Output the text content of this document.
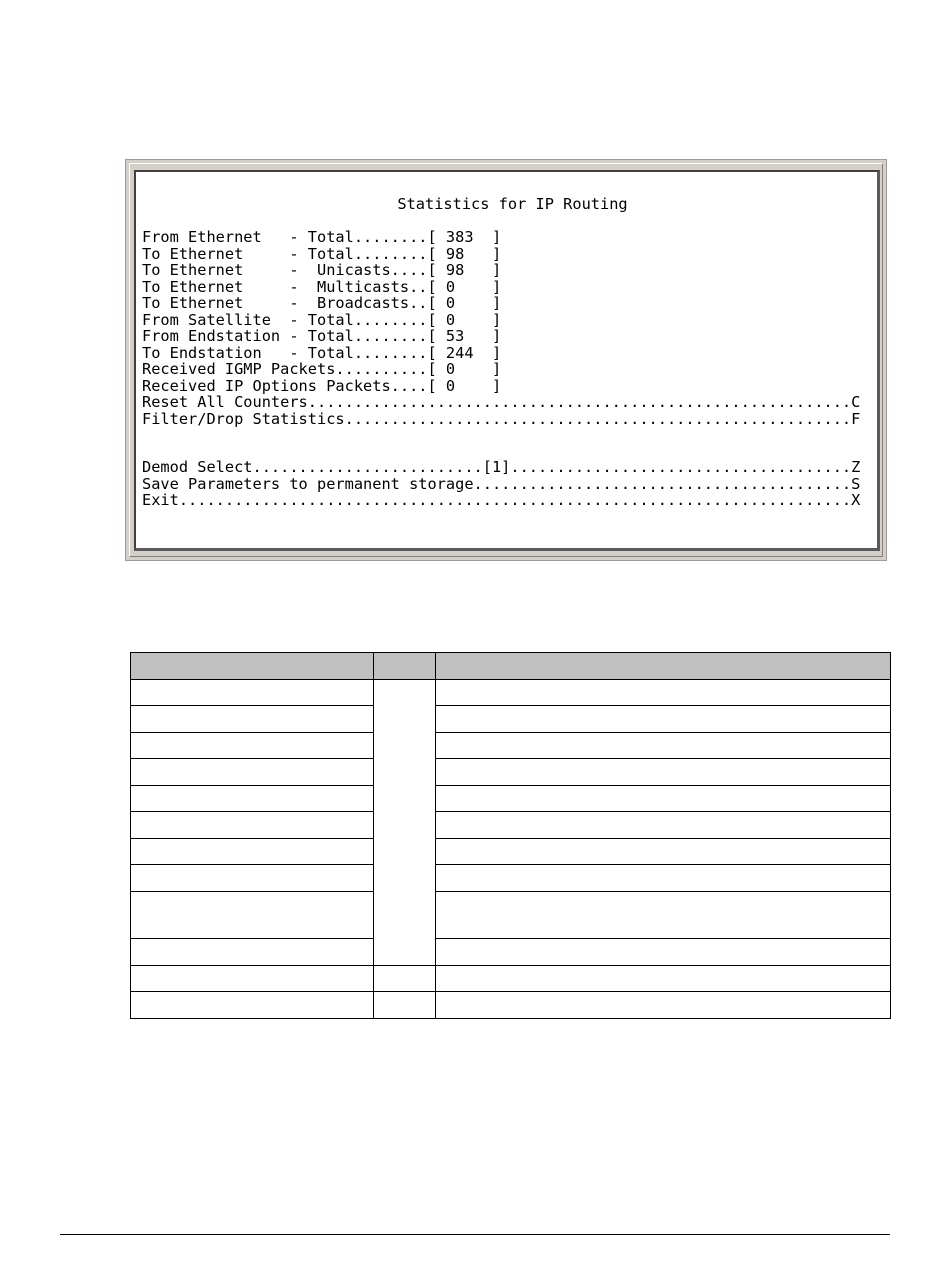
Statistics for IP Routing
From Ethernet   - Total........[ 383  ]
To Ethernet     - Total........[ 98   ]
To Ethernet     -  Unicasts....[ 98   ]
To Ethernet     -  Multicasts..[ 0    ]
To Ethernet     -  Broadcasts..[ 0    ]
From Satellite  - Total........[ 0    ]
From Endstation - Total........[ 53   ]
To Endstation   - Total........[ 244  ]
Received IGMP Packets..........[ 0    ]
Received IP Options Packets....[ 0    ]
Reset All Counters...........................................................C
Filter/Drop Statistics.......................................................F
Demod Select.........................[1].....................................Z
Save Parameters to permanent storage.........................................S
Exit.........................................................................X
